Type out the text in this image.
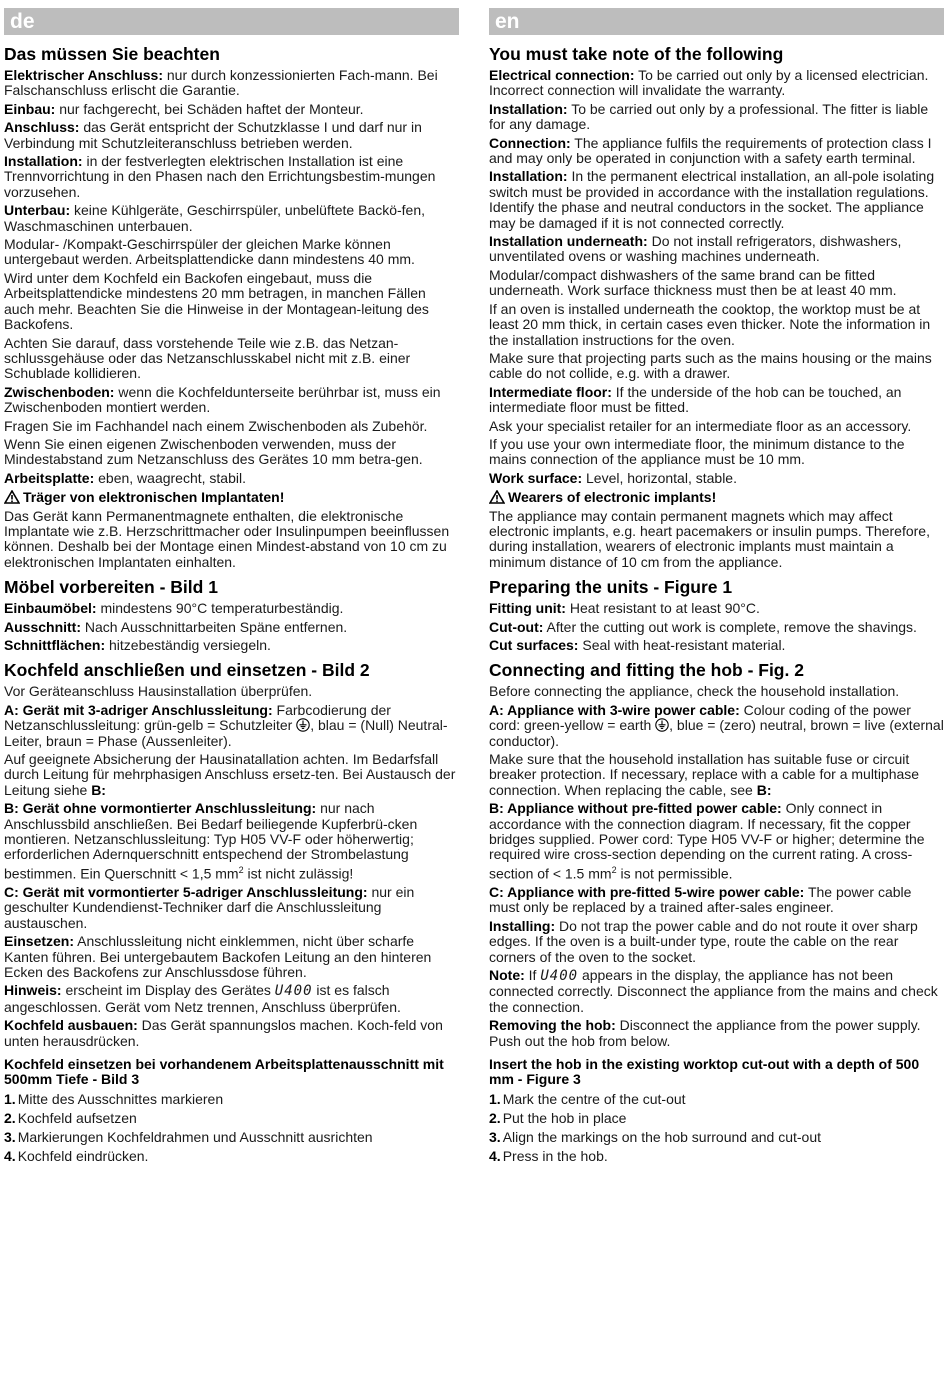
de
Das müssen Sie beachten

Elektrischer Anschluss: nur durch konzessionierten Fach-mann. Bei Falschanschluss erlischt die Garantie.

Einbau: nur fachgerecht, bei Schäden haftet der Monteur.

Anschluss: das Gerät entspricht der Schutzklasse I und darf nur in Verbindung mit Schutzleiteranschluss betrieben werden.

Installation: in der festverlegten elektrischen Installation ist eine Trennvorrichtung in den Phasen nach den Errichtungsbestim-mungen vorzusehen.

Unterbau: keine Kühlgeräte, Geschirrspüler, unbelüftete Backö-fen, Waschmaschinen unterbauen.

Modular- /Kompakt-Geschirrspüler der gleichen Marke können untergebaut werden. Arbeitsplattendicke dann mindestens 40 mm.

Wird unter dem Kochfeld ein Backofen eingebaut, muss die Arbeitsplattendicke mindestens 20 mm betragen, in manchen Fällen auch mehr. Beachten Sie die Hinweise in der Montagean-leitung des Backofens.

Achten Sie darauf, dass vorstehende Teile wie z.B. das Netzan-schlussgehäuse oder das Netzanschlusskabel nicht mit z.B. einer Schublade kollidieren.

Zwischenboden: wenn die Kochfeldunterseite berührbar ist, muss ein Zwischenboden montiert werden.

Fragen Sie im Fachhandel nach einem Zwischenboden als Zubehör.

Wenn Sie einen eigenen Zwischenboden verwenden, muss der Mindestabstand zum Netzanschluss des Gerätes 10 mm betra-gen.

Arbeitsplatte: eben, waagrecht, stabil.

Träger von elektronischen Implantaten!

Das Gerät kann Permanentmagnete enthalten, die elektronische Implantate wie z.B. Herzschrittmacher oder Insulinpumpen beeinflussen können. Deshalb bei der Montage einen Mindest-abstand von 10 cm zu elektronischen Implantaten einhalten.

Möbel vorbereiten - Bild 1

Einbaumöbel: mindestens 90°C temperaturbeständig.

Ausschnitt: Nach Ausschnittarbeiten Späne entfernen.

Schnittflächen: hitzebeständig versiegeln.

Kochfeld anschließen und einsetzen - Bild 2

Vor Geräteanschluss Hausinstallation überprüfen.

A: Gerät mit 3-adriger Anschlussleitung: Farbcodierung der Netzanschlussleitung: grün-gelb = Schutzleiter , blau = (Null) Neutral-Leiter, braun = Phase (Aussenleiter).

Auf geeignete Absicherung der Hausinatallation achten. Im Bedarfsfall durch Leitung für mehrphasigen Anschluss ersetz-ten. Bei Austausch der Leitung siehe B:

B: Gerät ohne vormontierter Anschlussleitung: nur nach Anschlussbild anschließen. Bei Bedarf beiliegende Kupferbrü-cken montieren. Netzanschlussleitung: Typ H05 VV-F oder höherwertig; erforderlichen Adernquerschnitt entspechend der Strombelastung bestimmen. Ein Querschnitt < 1,5 $mm^2$ ist nicht zulässig!

C: Gerät mit vormontierter 5-adriger Anschlussleitung: nur ein geschulter Kundendienst-Techniker darf die Anschlussleitung austauschen.

Einsetzen: Anschlussleitung nicht einklemmen, nicht über scharfe Kanten führen. Bei untergebautem Backofen Leitung an den hinteren Ecken des Backofens zur Anschlussdose führen.

Hinweis: erscheint im Display des Gerätes U400 ist es falsch angeschlossen. Gerät vom Netz trennen, Anschluss überprüfen.

Kochfeld ausbauen: Das Gerät spannungslos machen. Koch-feld von unten herausdrücken.

Kochfeld einsetzen bei vorhandenem Arbeitsplattenausschnitt mit 500mm Tiefe - Bild 3
1. Mitte des Ausschnittes markieren
2. Kochfeld aufsetzen
3. Markierungen Kochfeldrahmen und Ausschnitt ausrichten
4. Kochfeld eindrücken.
en
You must take note of the following

Electrical connection: To be carried out only by a licensed electrician. Incorrect connection will invalidate the warranty.

Installation: To be carried out only by a professional. The fitter is liable for any damage.

Connection: The appliance fulfils the requirements of protection class I and may only be operated in conjunction with a safety earth terminal.

Installation: In the permanent electrical installation, an all-pole isolating switch must be provided in accordance with the installation regulations. Identify the phase and neutral conductors in the socket. The appliance may be damaged if it is not connected correctly.

Installation underneath: Do not install refrigerators, dishwashers, unventilated ovens or washing machines underneath.

Modular/compact dishwashers of the same brand can be fitted underneath. Work surface thickness must then be at least 40 mm.

If an oven is installed underneath the cooktop, the worktop must be at least 20 mm thick, in certain cases even thicker. Note the information in the installation instructions for the oven.

Make sure that projecting parts such as the mains housing or the mains cable do not collide, e.g. with a drawer.

Intermediate floor: If the underside of the hob can be touched, an intermediate floor must be fitted.

Ask your specialist retailer for an intermediate floor as an accessory.

If you use your own intermediate floor, the minimum distance to the mains connection of the appliance must be 10 mm.

Work surface: Level, horizontal, stable.

Wearers of electronic implants!

The appliance may contain permanent magnets which may affect electronic implants, e.g. heart pacemakers or insulin pumps. Therefore, during installation, wearers of electronic implants must maintain a minimum distance of 10 cm from the appliance.

Preparing the units - Figure 1

Fitting unit: Heat resistant to at least 90°C.

Cut-out: After the cutting out work is complete, remove the shavings.

Cut surfaces: Seal with heat-resistant material.

Connecting and fitting the hob - Fig. 2

Before connecting the appliance, check the household installation.

A: Appliance with 3-wire power cable: Colour coding of the power cord: green-yellow = earth , blue = (zero) neutral, brown = live (external conductor).

Make sure that the household installation has suitable fuse or circuit breaker protection. If necessary, replace with a cable for a multiphase connection. When replacing the cable, see B:

B: Appliance without pre-fitted power cable: Only connect in accordance with the connection diagram. If necessary, fit the copper bridges supplied. Power cord: Type H05 VV-F or higher; determine the required wire cross-section depending on the current rating. A cross-section of < 1.5 $mm^2$ is not permissible.

C: Appliance with pre-fitted 5-wire power cable: The power cable must only be replaced by a trained after-sales engineer.

Installing: Do not trap the power cable and do not route it over sharp edges. If the oven is a built-under type, route the cable on the rear corners of the oven to the socket.

Note: If U400 appears in the display, the appliance has not been connected correctly. Disconnect the appliance from the mains and check the connection.

Removing the hob: Disconnect the appliance from the power supply. Push out the hob from below.

Insert the hob in the existing worktop cut-out with a depth of 500 mm - Figure 3
1. Mark the centre of the cut-out
2. Put the hob in place
3. Align the markings on the hob surround and cut-out
4. Press in the hob.
